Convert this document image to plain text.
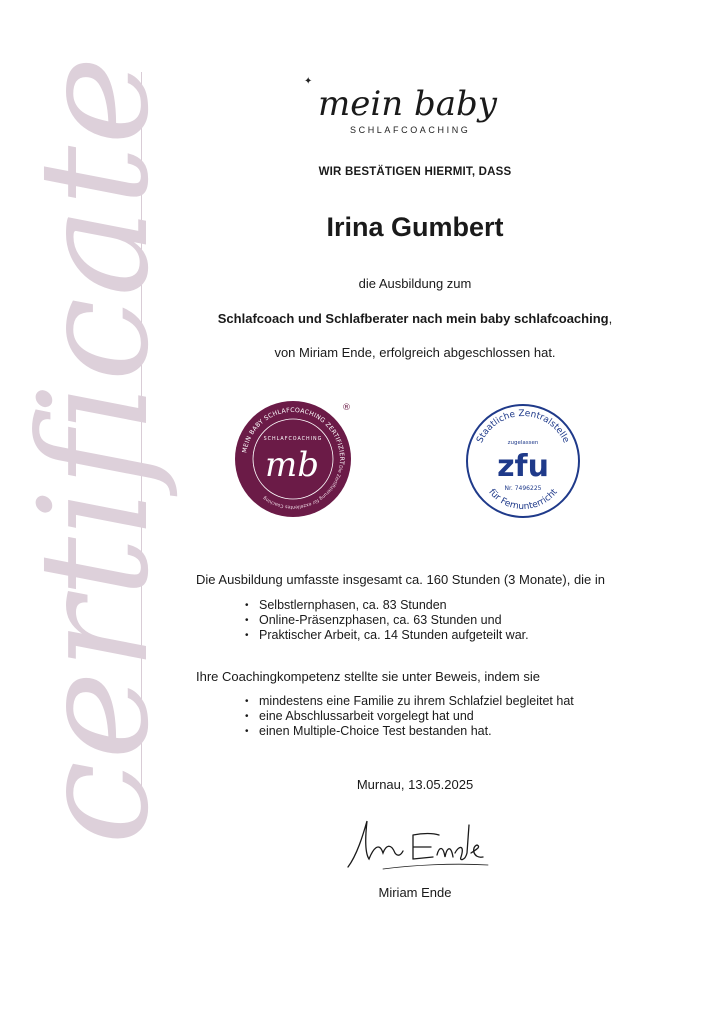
certificate	✦
mein baby
SCHLAFCOACHING
WIR BESTÄTIGEN HIERMIT, DASS
Irina Gumbert
die Ausbildung zum
Schlafcoach und Schlafberater nach mein baby schlafcoaching,
von Miriam Ende, erfolgreich abgeschlossen hat.
MEIN BABY SCHLAFCOACHING ZERTIFIZIERT
Die Zertifizierung für exzellentes Coaching
SCHLAFCOACHING
mb
®
Staatliche Zentralstelle
für Fernunterricht
zugelassen
zfu
Nr. 7496225
Die Ausbildung umfasste insgesamt ca. 160 Stunden (3 Monate), die in
• Selbstlernphasen, ca. 83 Stunden
• Online-Präsenzphasen, ca. 63 Stunden und
• Praktischer Arbeit, ca. 14 Stunden aufgeteilt war.
Ihre Coachingkompetenz stellte sie unter Beweis, indem sie
• mindestens eine Familie zu ihrem Schlafziel begleitet hat
• eine Abschlussarbeit vorgelegt hat und
• einen Multiple-Choice Test bestanden hat.
Murnau, 13.05.2025
Miriam Ende
